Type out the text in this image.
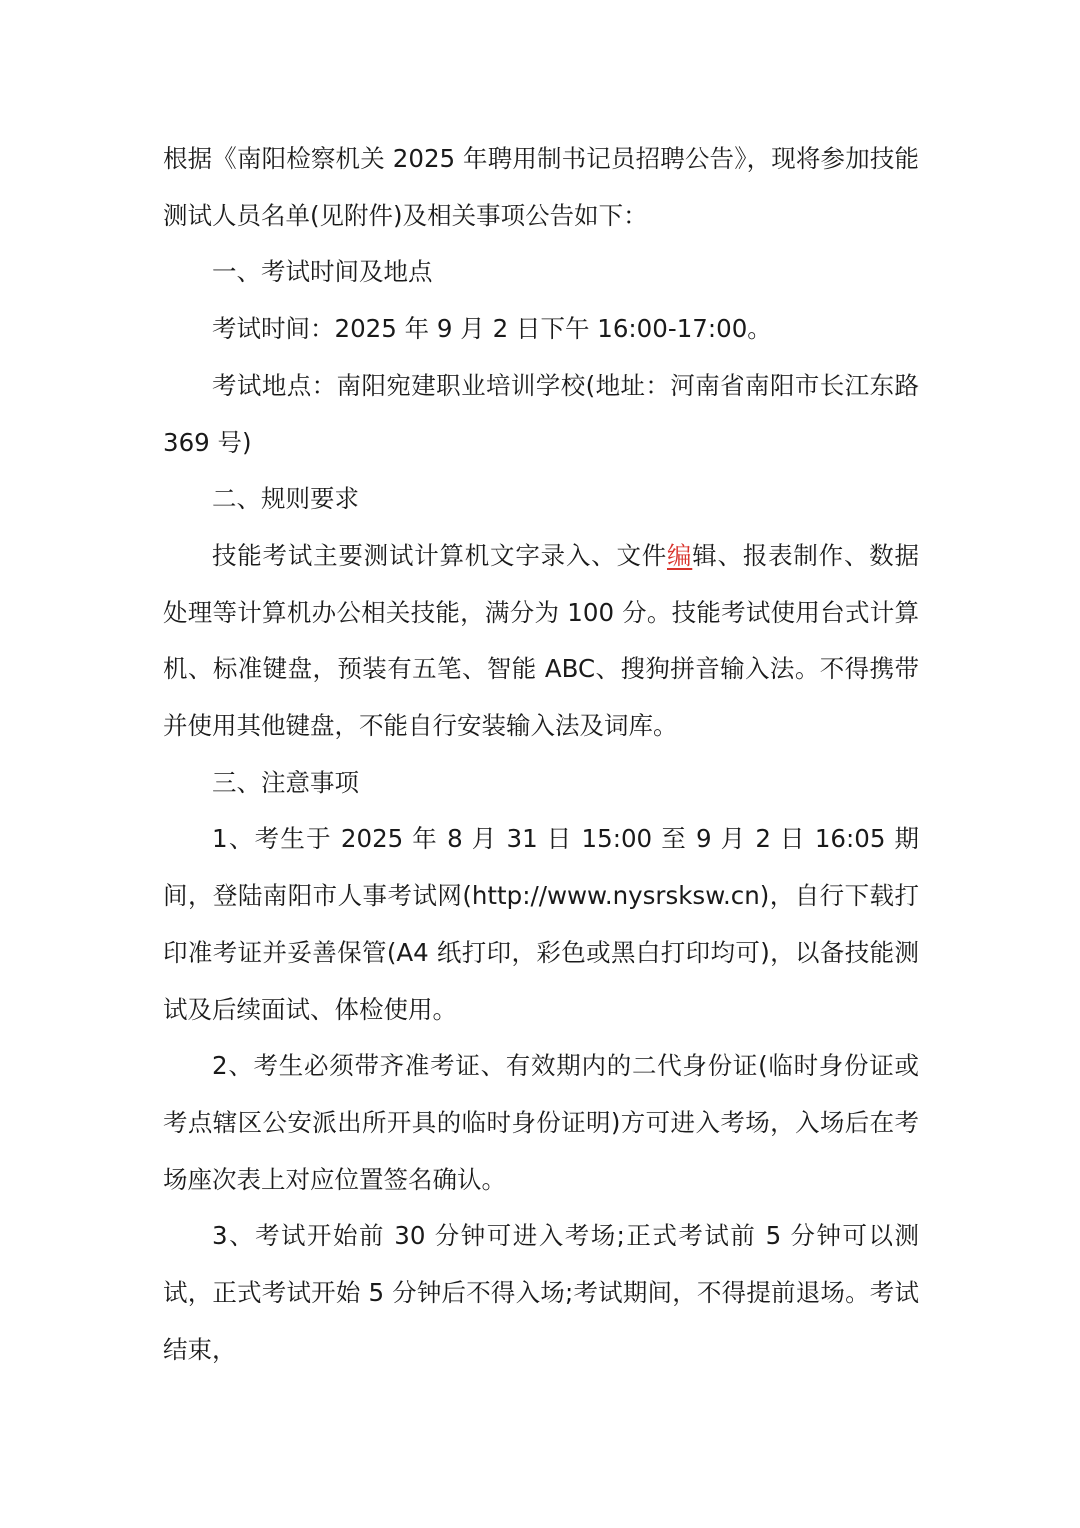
根据《南阳检察机关 2025 年聘用制书记员招聘公告》，现将参加技能测试人员名单(见附件)及相关事项公告如下：

一、考试时间及地点

考试时间：2025 年 9 月 2 日下午 16:00-17:00。

考试地点：南阳宛建职业培训学校(地址：河南省南阳市长江东路 369 号)

二、规则要求

技能考试主要测试计算机文字录入、文件编辑、报表制作、数据处理等计算机办公相关技能，满分为 100 分。技能考试使用台式计算机、标准键盘，预装有五笔、智能 ABC、搜狗拼音输入法。不得携带并使用其他键盘，不能自行安装输入法及词库。

三、注意事项

1、考生于 2025 年 8 月 31 日 15:00 至 9 月 2 日 16:05 期间，登陆南阳市人事考试网(http://www.nysrsksw.cn)，自行下载打印准考证并妥善保管(A4 纸打印，彩色或黑白打印均可)，以备技能测试及后续面试、体检使用。

2、考生必须带齐准考证、有效期内的二代身份证(临时身份证或考点辖区公安派出所开具的临时身份证明)方可进入考场，入场后在考场座次表上对应位置签名确认。

3、考试开始前 30 分钟可进入考场;正式考试前 5 分钟可以测试，正式考试开始 5 分钟后不得入场;考试期间，不得提前退场。考试结束，
